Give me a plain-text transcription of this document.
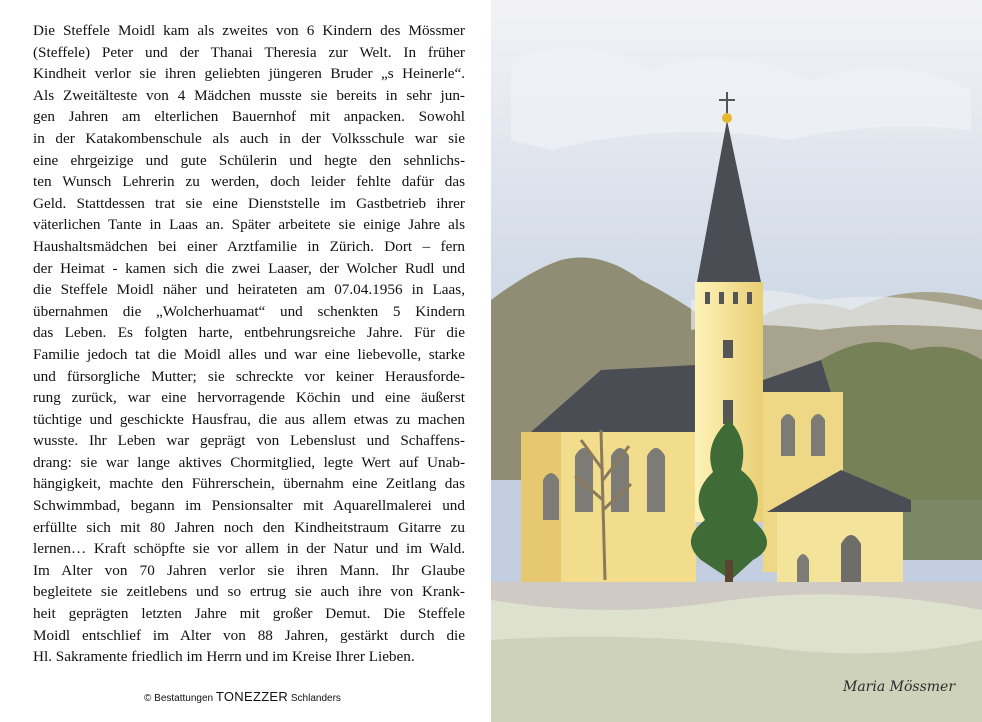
Die Steffele Moidl kam als zweites von 6 Kindern des Mössmer
(Steffele) Peter und der Thanai Theresia zur Welt. In früher
Kindheit verlor sie ihren geliebten jüngeren Bruder „s Heinerle“.
Als Zweitälteste von 4 Mädchen musste sie bereits in sehr jun-
gen Jahren am elterlichen Bauernhof mit anpacken. Sowohl
in der Katakombenschule als auch in der Volksschule war sie
eine ehrgeizige und gute Schülerin und hegte den sehnlichs-
ten Wunsch Lehrerin zu werden, doch leider fehlte dafür das
Geld. Stattdessen trat sie eine Dienststelle im Gastbetrieb ihrer
väterlichen Tante in Laas an. Später arbeitete sie einige Jahre als
Haushaltsmädchen bei einer Arztfamilie in Zürich. Dort – fern
der Heimat - kamen sich die zwei Laaser, der Wolcher Rudl und
die Steffele Moidl näher und heirateten am 07.04.1956 in Laas,
übernahmen die „Wolcherhuamat“ und schenkten 5 Kindern
das Leben. Es folgten harte, entbehrungsreiche Jahre. Für die
Familie jedoch tat die Moidl alles und war eine liebevolle, starke
und fürsorgliche Mutter; sie schreckte vor keiner Herausforde-
rung zurück, war eine hervorragende Köchin und eine äußerst
tüchtige und geschickte Hausfrau, die aus allem etwas zu machen
wusste. Ihr Leben war geprägt von Lebenslust und Schaffens-
drang: sie war lange aktives Chormitglied, legte Wert auf Unab-
hängigkeit, machte den Führerschein, übernahm eine Zeitlang das
Schwimmbad, begann im Pensionsalter mit Aquarellmalerei und
erfüllte sich mit 80 Jahren noch den Kindheitstraum Gitarre zu
lernen… Kraft schöpfte sie vor allem in der Natur und im Wald.
Im Alter von 70 Jahren verlor sie ihren Mann. Ihr Glaube
begleitete sie zeitlebens und so ertrug sie auch ihre von Krank-
heit geprägten letzten Jahre mit großer Demut. Die Steffele
Moidl entschlief im Alter von 88 Jahren, gestärkt durch die
Hl. Sakramente friedlich im Herrn und im Kreise Ihrer Lieben.
© Bestattungen TONEZZER Schlanders
Maria Mössmer
